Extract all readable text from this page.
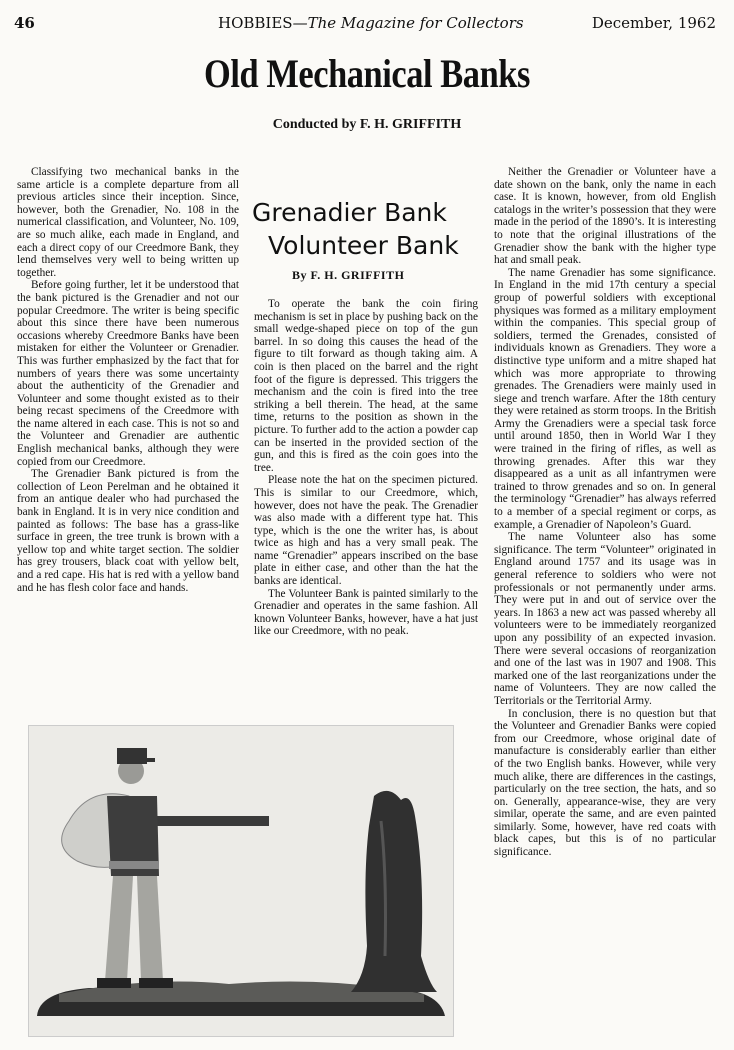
46	HOBBIES—The Magazine for Collectors	December, 1962
Old Mechanical Banks
Conducted by F. H. GRIFFITH

Classifying two mechanical banks in the same article is a complete departure from all previous articles since their inception. Since, however, both the Grenadier, No. 108 in the numerical classification, and Volunteer, No. 109, are so much alike, each made in England, and each a direct copy of our Creedmore Bank, they lend themselves very well to being written up together.

Before going further, let it be understood that the bank pictured is the Grenadier and not our popular Creedmore. The writer is being specific about this since there have been numerous occasions whereby Creedmore Banks have been mistaken for either the Volunteer or Grenadier. This was further emphasized by the fact that for numbers of years there was some uncertainty about the authenticity of the Grenadier and Volunteer and some thought existed as to their being recast specimens of the Creedmore with the name altered in each case. This is not so and the Volunteer and Grenadier are authentic English mechanical banks, although they were copied from our Creedmore.

The Grenadier Bank pictured is from the collection of Leon Perelman and he obtained it from an antique dealer who had purchased the bank in England. It is in very nice condition and painted as follows: The base has a grass-like surface in green, the tree trunk is brown with a yellow top and white target section. The soldier has grey trousers, black coat with yellow belt, and a red cape. His hat is red with a yellow band and he has flesh color face and hands.

Grenadier Bank
Volunteer Bank
By F. H. GRIFFITH

To operate the bank the coin firing mechanism is set in place by pushing back on the small wedge-shaped piece on top of the gun barrel. In so doing this causes the head of the figure to tilt forward as though taking aim. A coin is then placed on the barrel and the right foot of the figure is depressed. This triggers the mechanism and the coin is fired into the tree striking a bell therein. The head, at the same time, returns to the position as shown in the picture. To further add to the action a powder cap can be inserted in the provided section of the gun, and this is fired as the coin goes into the tree.

Please note the hat on the specimen pictured. This is similar to our Creedmore, which, however, does not have the peak. The Grenadier was also made with a different type hat. This type, which is the one the writer has, is about twice as high and has a very small peak. The name “Grenadier” appears inscribed on the base plate in either case, and other than the hat the banks are identical.

The Volunteer Bank is painted similarly to the Grenadier and operates in the same fashion. All known Volunteer Banks, however, have a hat just like our Creedmore, with no peak.

Neither the Grenadier or Volunteer have a date shown on the bank, only the name in each case. It is known, however, from old English catalogs in the writer’s possession that they were made in the period of the 1890’s. It is interesting to note that the original illustrations of the Grenadier show the bank with the higher type hat and small peak.

The name Grenadier has some significance. In England in the mid 17th century a special group of powerful soldiers with exceptional physiques was formed as a military employment within the companies. This special group of soldiers, termed the Grenades, consisted of individuals known as Grenadiers. They wore a distinctive type uniform and a mitre shaped hat which was more appropriate to throwing grenades. The Grenadiers were mainly used in siege and trench warfare. After the 18th century they were retained as storm troops. In the British Army the Grenadiers were a special task force until around 1850, then in World War I they were trained in the firing of rifles, as well as throwing grenades. After this war they disappeared as a unit as all infantrymen were trained to throw grenades and so on. In general the terminology “Grenadier” has always referred to a member of a special regiment or corps, as example, a Grenadier of Napoleon’s Guard.

The name Volunteer also has some significance. The term “Volunteer” originated in England around 1757 and its usage was in general reference to soldiers who were not professionals or not permanently under arms. They were put in and out of service over the years. In 1863 a new act was passed whereby all volunteers were to be immediately reorganized upon any possibility of an expected invasion. There were several occasions of reorganization and one of the last was in 1907 and 1908. This marked one of the last reorganizations under the name of Volunteers. They are now called the Territorials or the Territorial Army.

In conclusion, there is no question but that the Volunteer and Grenadier Banks were copied from our Creedmore, whose original date of manufacture is considerably earlier than either of the two English banks. However, while very much alike, there are differences in the castings, particularly on the tree section, the hats, and so on. Generally, appearance-wise, they are very similar, operate the same, and are even painted similarly. Some, however, have red coats with black capes, but this is of no particular significance.
